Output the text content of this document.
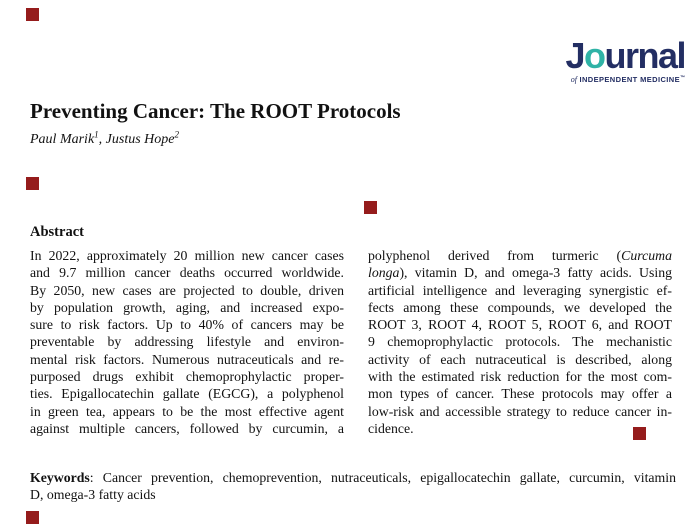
Journal
of INDEPENDENT MEDICINE™
Preventing Cancer: The ROOT Protocols
Paul Marik$^1$, Justus Hope$^2$
Abstract
In 2022, approximately 20 million new cancer cases
and 9.7 million cancer deaths occurred worldwide.
By 2050, new cases are projected to double, driven
by population growth, aging, and increased expo-
sure to risk factors. Up to 40% of cancers may be
preventable by addressing lifestyle and environ-
mental risk factors. Numerous nutraceuticals and re-
purposed drugs exhibit chemoprophylactic proper-
ties. Epigallocatechin gallate (EGCG), a polyphenol
in green tea, appears to be the most effective agent
against multiple cancers, followed by curcumin, a
polyphenol derived from turmeric (Curcuma
longa), vitamin D, and omega-3 fatty acids. Using
artificial intelligence and leveraging synergistic ef-
fects among these compounds, we developed the
ROOT 3, ROOT 4, ROOT 5, ROOT 6, and ROOT
9 chemoprophylactic protocols. The mechanistic
activity of each nutraceutical is described, along
with the estimated risk reduction for the most com-
mon types of cancer. These protocols may offer a
low-risk and accessible strategy to reduce cancer in-
cidence.
Keywords: Cancer prevention, chemoprevention, nutraceuticals, epigallocatechin gallate, curcumin, vitamin
D, omega-3 fatty acids
